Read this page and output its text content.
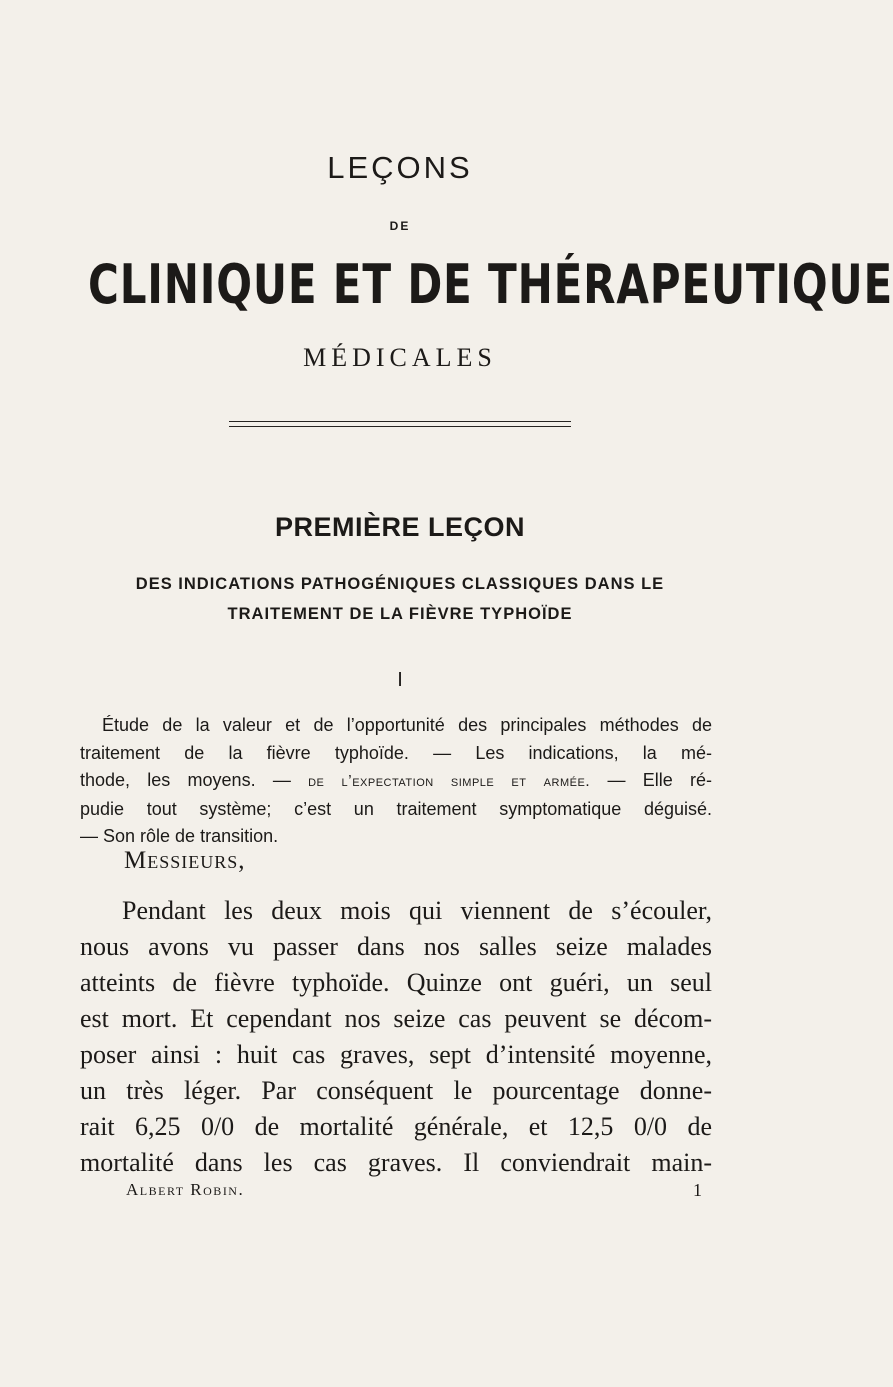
LEÇONS
DE
CLINIQUE ET DE THÉRAPEUTIQUE
MÉDICALES
PREMIÈRE LEÇON
DES INDICATIONS PATHOGÉNIQUES CLASSIQUES DANS LE
TRAITEMENT DE LA FIÈVRE TYPHOÏDE
I
Étude de la valeur et de l’opportunité des principales méthodes de
traitement de la fièvre typhoïde. — Les indications, la mé-
thode, les moyens. — de l’expectation simple et armée. — Elle ré-
pudie tout système; c’est un traitement symptomatique déguisé.
— Son rôle de transition.
Messieurs,
Pendant les deux mois qui viennent de s’écouler,
nous avons vu passer dans nos salles seize malades
atteints de fièvre typhoïde. Quinze ont guéri, un seul
est mort. Et cependant nos seize cas peuvent se décom-
poser ainsi : huit cas graves, sept d’intensité moyenne,
un très léger. Par conséquent le pourcentage donne-
rait 6,25 0/0 de mortalité générale, et 12,5 0/0 de
mortalité dans les cas graves. Il conviendrait main-
Albert Robin.	1
